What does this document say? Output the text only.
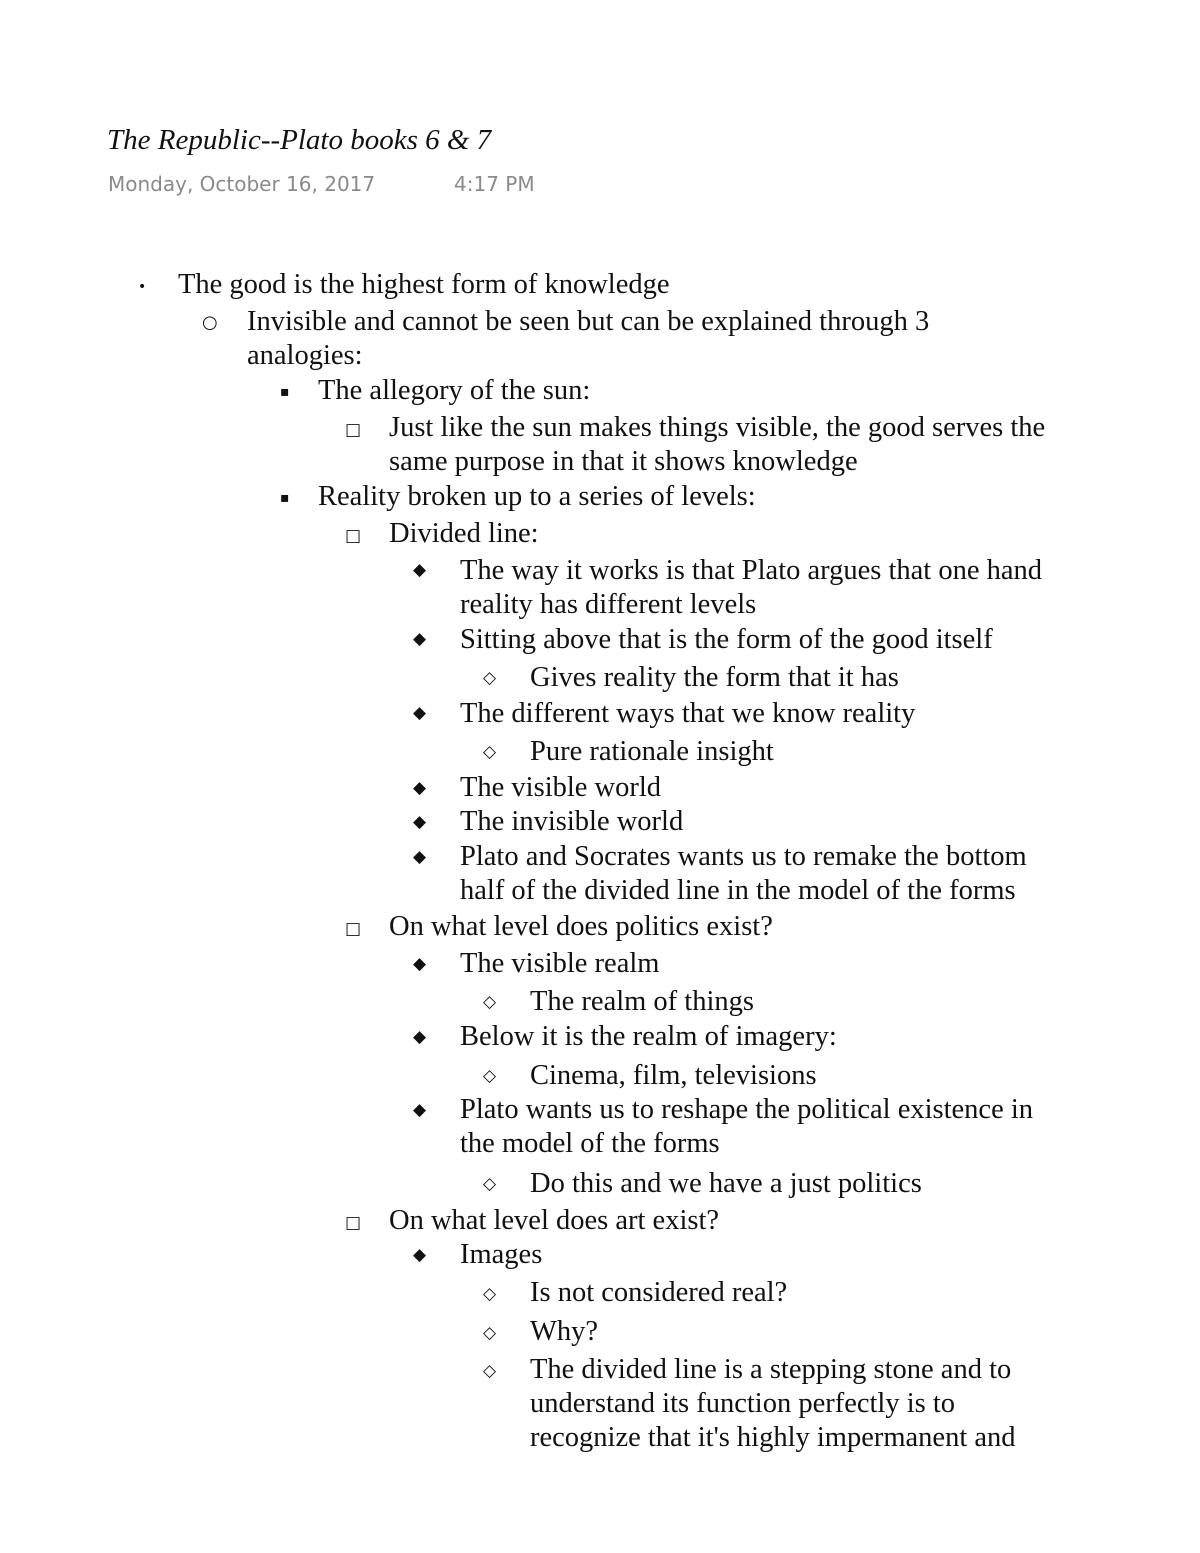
The Republic--Plato books 6 & 7
Monday, October 16, 2017	4:17 PM
• The good is the highest form of knowledge
○ Invisible and cannot be seen but can be explained through 3
analogies:
▪ The allegory of the sun:
□ Just like the sun makes things visible, the good serves the
same purpose in that it shows knowledge
▪ Reality broken up to a series of levels:
□ Divided line:
◆ The way it works is that Plato argues that one hand
reality has different levels
◆ Sitting above that is the form of the good itself
◇ Gives reality the form that it has
◆ The different ways that we know reality
◇ Pure rationale insight
◆ The visible world
◆ The invisible world
◆ Plato and Socrates wants us to remake the bottom
half of the divided line in the model of the forms
□ On what level does politics exist?
◆ The visible realm
◇ The realm of things
◆ Below it is the realm of imagery:
◇ Cinema, film, televisions
◆ Plato wants us to reshape the political existence in
the model of the forms
◇ Do this and we have a just politics
□ On what level does art exist?
◆ Images
◇ Is not considered real?
◇ Why?
◇ The divided line is a stepping stone and to
understand its function perfectly is to
recognize that it's highly impermanent and
